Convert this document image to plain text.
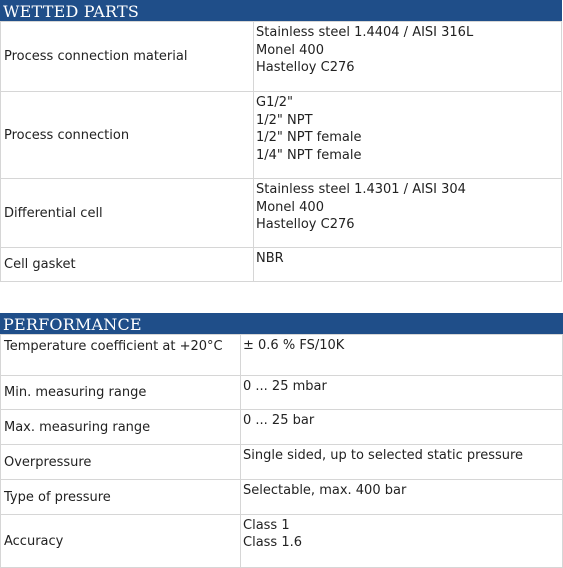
WETTED PARTS
Process connection material	Stainless steel 1.4404 / AISI 316L
Monel 400
Hastelloy C276

Process connection	G1/2"
1/2" NPT
1/2" NPT female
1/4" NPT female

Differential cell	Stainless steel 1.4301 / AISI 304
Monel 400
Hastelloy C276

Cell gasket	NBR
PERFORMANCE
Temperature coefficient at +20°C	± 0.6 % FS/10K

Min. measuring range	0 ... 25 mbar

Max. measuring range	0 ... 25 bar

Overpressure	Single sided, up to selected static pressure

Type of pressure	Selectable, max. 400 bar

Accuracy	Class 1
Class 1.6
